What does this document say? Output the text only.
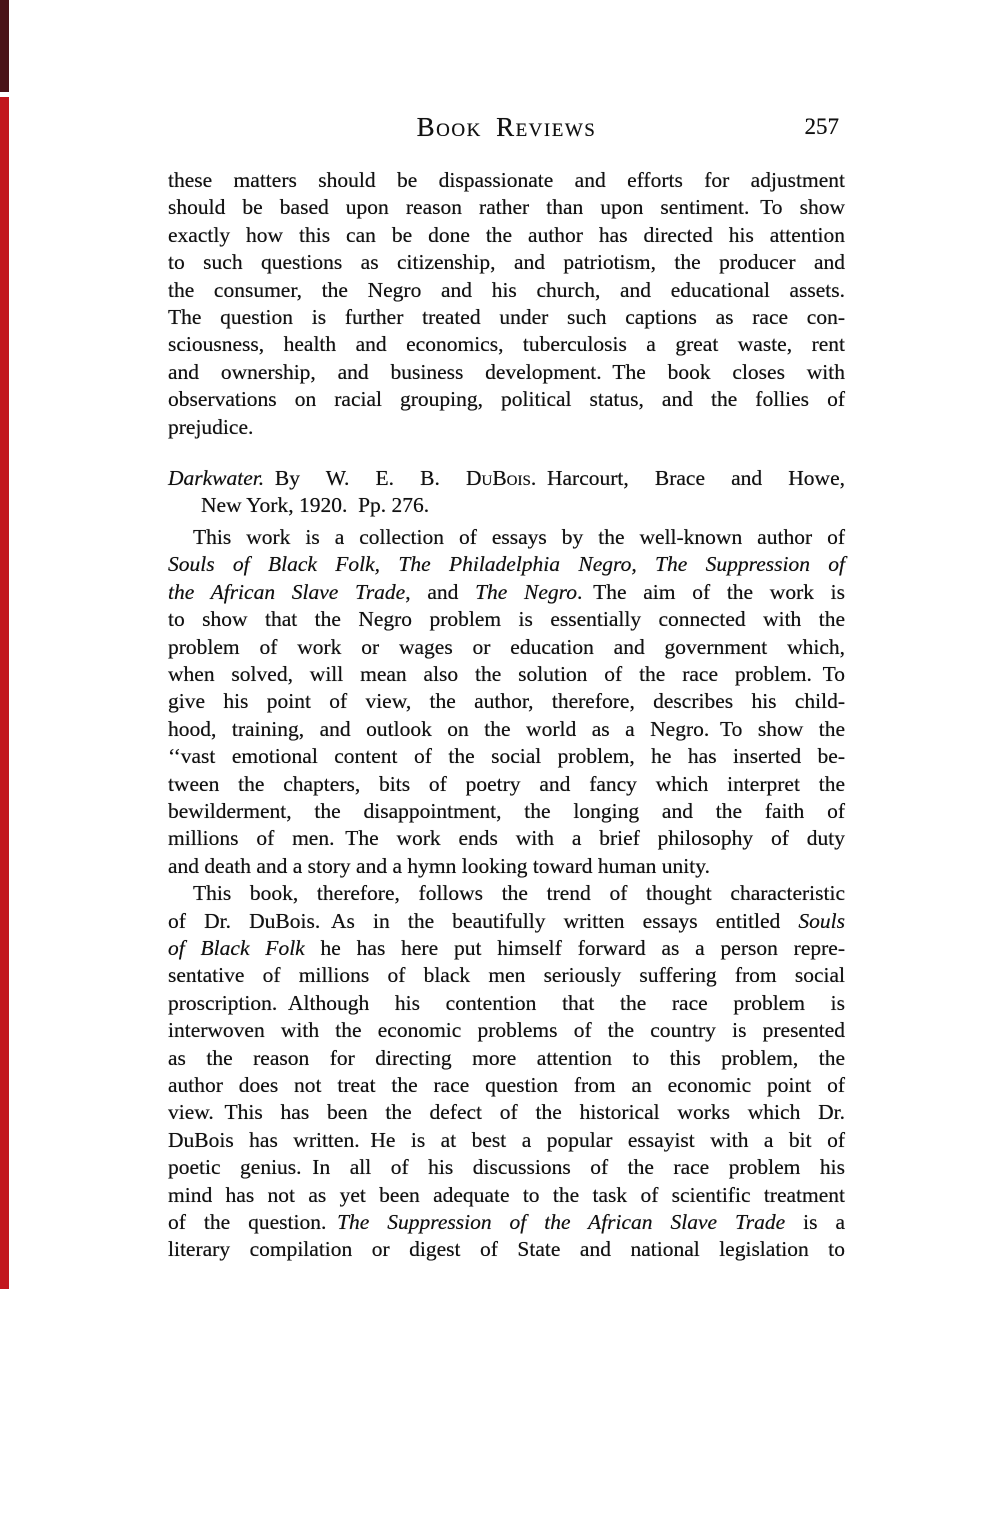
Book Reviews	257
these matters should be dispassionate and efforts for adjustment
should be based upon reason rather than upon sentiment. To show
exactly how this can be done the author has directed his attention
to such questions as citizenship, and patriotism, the producer and
the consumer, the Negro and his church, and educational assets.
The question is further treated under such captions as race con-
sciousness, health and economics, tuberculosis a great waste, rent
and ownership, and business development. The book closes with
observations on racial grouping, political status, and the follies of
prejudice.
Darkwater. By W. E. B. DuBois. Harcourt, Brace and Howe,
New York, 1920. Pp. 276.
This work is a collection of essays by the well-known author of
Souls of Black Folk, The Philadelphia Negro, The Suppression of
the African Slave Trade, and The Negro. The aim of the work is
to show that the Negro problem is essentially connected with the
problem of work or wages or education and government which,
when solved, will mean also the solution of the race problem. To
give his point of view, the author, therefore, describes his child-
hood, training, and outlook on the world as a Negro. To show the
‘‘vast emotional content of the social problem, he has inserted be-
tween the chapters, bits of poetry and fancy which interpret the
bewilderment, the disappointment, the longing and the faith of
millions of men. The work ends with a brief philosophy of duty
and death and a story and a hymn looking toward human unity.
This book, therefore, follows the trend of thought characteristic
of Dr. DuBois. As in the beautifully written essays entitled Souls
of Black Folk he has here put himself forward as a person repre-
sentative of millions of black men seriously suffering from social
proscription. Although his contention that the race problem is
interwoven with the economic problems of the country is presented
as the reason for directing more attention to this problem, the
author does not treat the race question from an economic point of
view. This has been the defect of the historical works which Dr.
DuBois has written. He is at best a popular essayist with a bit of
poetic genius. In all of his discussions of the race problem his
mind has not as yet been adequate to the task of scientific treatment
of the question. The Suppression of the African Slave Trade is a
literary compilation or digest of State and national legislation to
